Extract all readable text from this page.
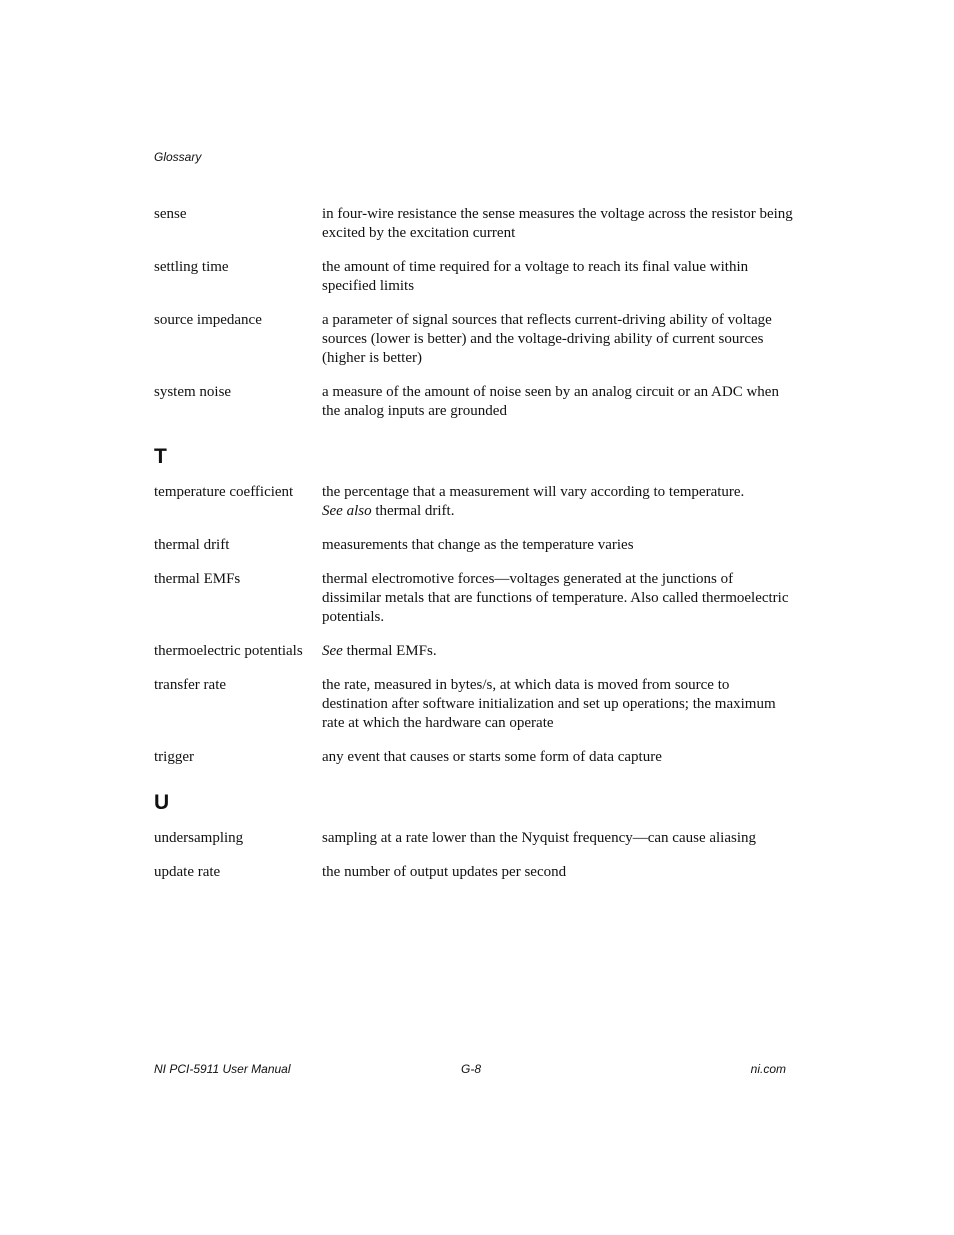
Glossary
sense	in four-wire resistance the sense measures the voltage across the resistor being excited by the excitation current
settling time	the amount of time required for a voltage to reach its final value within specified limits
source impedance	a parameter of signal sources that reflects current-driving ability of voltage sources (lower is better) and the voltage-driving ability of current sources (higher is better)
system noise	a measure of the amount of noise seen by an analog circuit or an ADC when the analog inputs are grounded
T
temperature coefficient	the percentage that a measurement will vary according to temperature.
See also thermal drift.
thermal drift	measurements that change as the temperature varies
thermal EMFs	thermal electromotive forces—voltages generated at the junctions of dissimilar metals that are functions of temperature. Also called thermoelectric potentials.
thermoelectric potentials	See thermal EMFs.
transfer rate	the rate, measured in bytes/s, at which data is moved from source to destination after software initialization and set up operations; the maximum rate at which the hardware can operate
trigger	any event that causes or starts some form of data capture
U
undersampling	sampling at a rate lower than the Nyquist frequency—can cause aliasing
update rate	the number of output updates per second
NI PCI-5911 User Manual	G-8	ni.com
